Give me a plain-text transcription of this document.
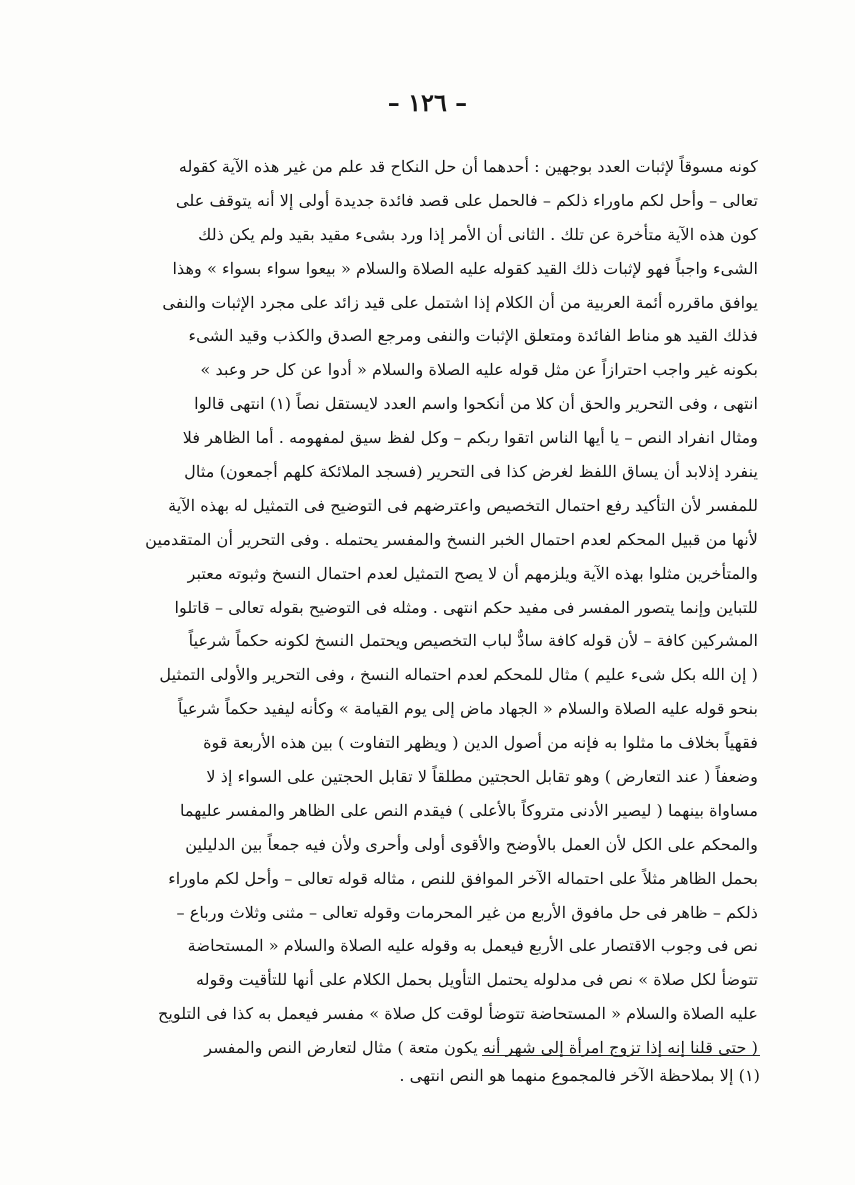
– ١٢٦ –
كونه مسوقاً لإثبات العدد بوجهين : أحدهما أن حل النكاح قد علم من غير هذه الآية كقوله
تعالى – وأحل لكم ماوراء ذلكم – فالحمل على قصد فائدة جديدة أولى إلا أنه يتوقف على
كون هذه الآية متأخرة عن تلك . الثانى أن الأمر إذا ورد بشىء مقيد بقيد ولم يكن ذلك
الشىء واجباً فهو لإثبات ذلك القيد كقوله عليه الصلاة والسلام « بيعوا سواء بسواء » وهذا
يوافق ماقرره أئمة العربية من أن الكلام إذا اشتمل على قيد زائد على مجرد الإثبات والنفى
فذلك القيد هو مناط الفائدة ومتعلق الإثبات والنفى ومرجع الصدق والكذب وقيد الشىء
بكونه غير واجب احترازاً عن مثل قوله عليه الصلاة والسلام « أدوا عن كل حر وعبد »
انتهى ، وفى التحرير والحق أن كلا من أنكحوا واسم العدد لايستقل نصاً (١) انتهى قالوا
ومثال انفراد النص – يا أيها الناس اتقوا ربكم – وكل لفظ سيق لمفهومه . أما الظاهر فلا
ينفرد إذلابد أن يساق اللفظ لغرض كذا فى التحرير (فسجد الملائكة كلهم أجمعون) مثال
للمفسر لأن التأكيد رفع احتمال التخصيص واعترضهم فى التوضيح فى التمثيل له بهذه الآية
لأنها من قبيل المحكم لعدم احتمال الخبر النسخ والمفسر يحتمله . وفى التحرير أن المتقدمين
والمتأخرين مثلوا بهذه الآية ويلزمهم أن لا يصح التمثيل لعدم احتمال النسخ وثبوته معتبر
للتباين وإنما يتصور المفسر فى مفيد حكم انتهى . ومثله فى التوضيح بقوله تعالى – قاتلوا
المشركين كافة – لأن قوله كافة سادٌّ لباب التخصيص ويحتمل النسخ لكونه حكماً شرعياً
( إن الله بكل شىء عليم ) مثال للمحكم لعدم احتماله النسخ ، وفى التحرير والأولى التمثيل
بنحو قوله عليه الصلاة والسلام « الجهاد ماض إلى يوم القيامة » وكأنه ليفيد حكماً شرعياً
فقهياً بخلاف ما مثلوا به فإنه من أصول الدين ( ويظهر التفاوت ) بين هذه الأربعة قوة
وضعفاً ( عند التعارض ) وهو تقابل الحجتين مطلقاً لا تقابل الحجتين على السواء إذ لا
مساواة بينهما ( ليصير الأدنى متروكاً بالأعلى ) فيقدم النص على الظاهر والمفسر عليهما
والمحكم على الكل لأن العمل بالأوضح والأقوى أولى وأحرى ولأن فيه جمعاً بين الدليلين
بحمل الظاهر مثلاً على احتماله الآخر الموافق للنص ، مثاله قوله تعالى – وأحل لكم ماوراء
ذلكم – ظاهر فى حل مافوق الأربع من غير المحرمات وقوله تعالى – مثنى وثلاث ورباع –
نص فى وجوب الاقتصار على الأربع فيعمل به وقوله عليه الصلاة والسلام « المستحاضة
تتوضأ لكل صلاة » نص فى مدلوله يحتمل التأويل بحمل الكلام على أنها للتأقيت وقوله
عليه الصلاة والسلام « المستحاضة تتوضأ لوقت كل صلاة » مفسر فيعمل به كذا فى التلويح
( حتى قلنا إنه إذا تزوج امرأة إلى شهر أنه يكون متعة ) مثال لتعارض النص والمفسر
(١) إلا بملاحظة الآخر فالمجموع منهما هو النص انتهى .
